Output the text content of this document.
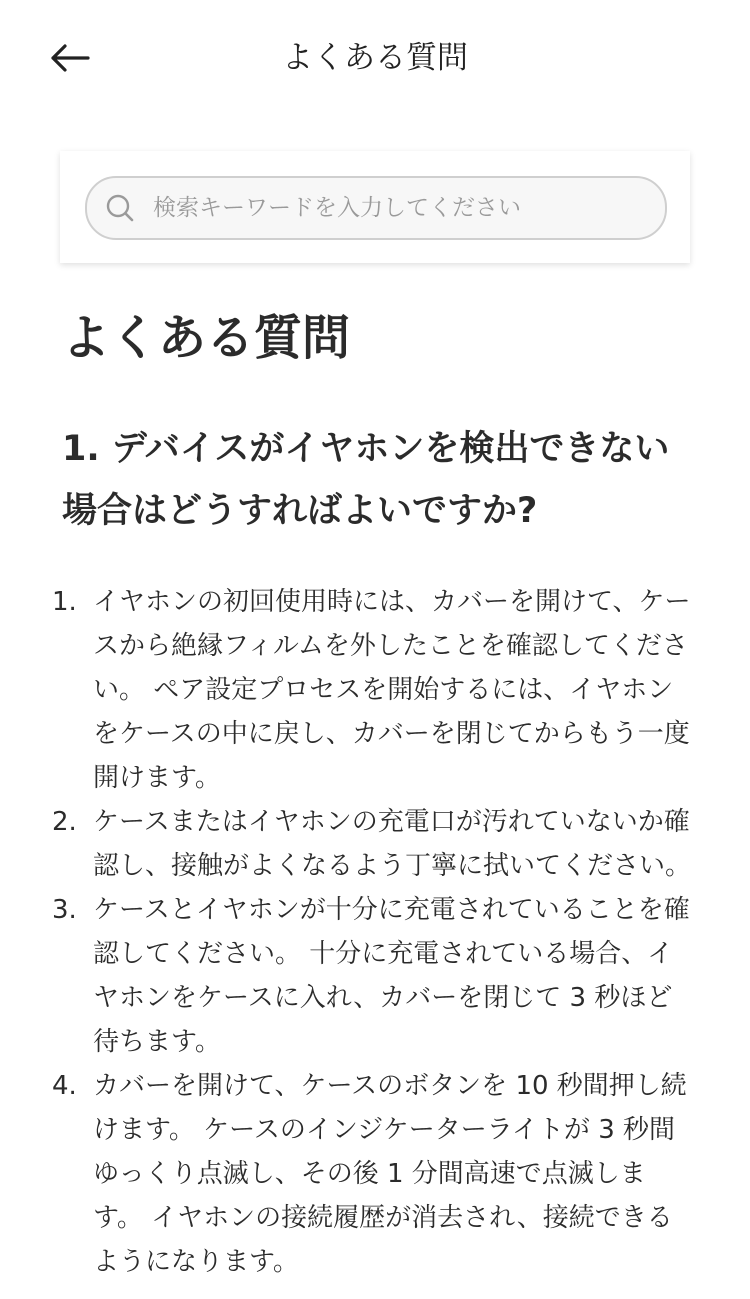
よくある質問
検索キーワードを入力してください
よくある質問
1. デバイスがイヤホンを検出できない場合はどうすればよいですか?
1. イヤホンの初回使用時には、カバーを開けて、ケースから絶縁フィルムを外したことを確認してください。 ペア設定プロセスを開始するには、イヤホンをケースの中に戻し、カバーを閉じてからもう一度開けます。
2. ケースまたはイヤホンの充電口が汚れていないか確認し、接触がよくなるよう丁寧に拭いてください。
3. ケースとイヤホンが十分に充電されていることを確認してください。 十分に充電されている場合、イヤホンをケースに入れ、カバーを閉じて 3 秒ほど待ちます。
4. カバーを開けて、ケースのボタンを 10 秒間押し続けます。 ケースのインジケーターライトが 3 秒間ゆっくり点滅し、その後 1 分間高速で点滅します。 イヤホンの接続履歴が消去され、接続できるようになります。
